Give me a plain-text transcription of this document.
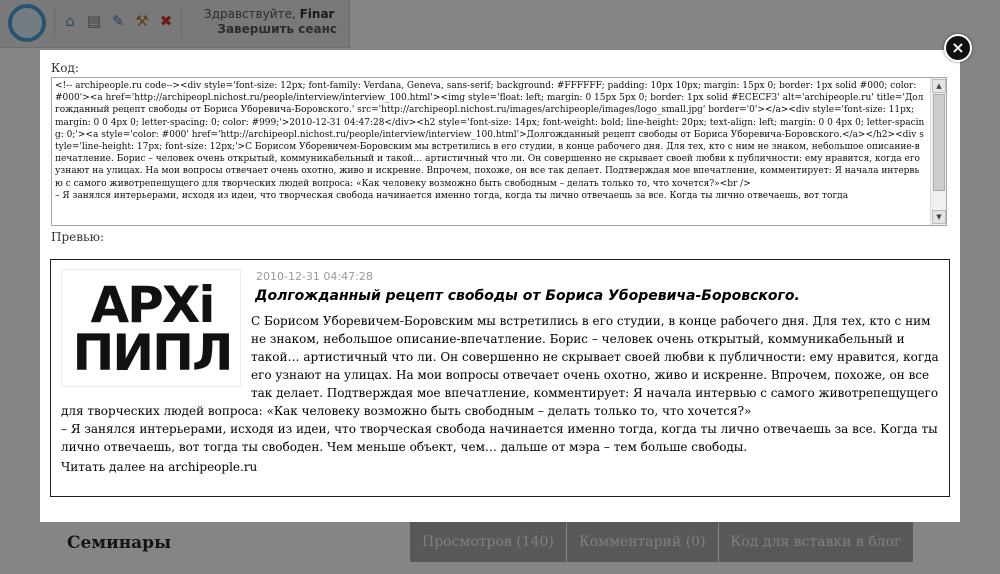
⌂ ▤ ✎ ⚒ ✖	Здравствуйте, Finar
Завершить сеанс
Семинары	Просмотров (140)	Комментарий (0)	Код для вставки в блог
Код:
<!-- archipeople.ru code--><div style='font-size: 12px; font-family: Verdana, Geneva, sans-serif; background: #FFFFFF; padding: 10px 10px; margin: 15px 0; border: 1px solid #000; color: #000'><a href='http://archipeopl.nichost.ru/people/interview/interview_100.html'><img style='float: left; margin: 0 15px 5px 0; border: 1px solid #ECECF3' alt='archipeople.ru' title='Долгожданный рецепт свободы от Бориса Уборевича-Боровского.' src='http://archipeopl.nichost.ru/images/archipeople/images/logo_small.jpg' border='0'></a><div style='font-size: 11px; margin: 0 0 4px 0; letter-spacing: 0; color: #999;'>2010-12-31 04:47:28</div><h2 style='font-size: 14px; font-weight: bold; line-height: 20px; text-align: left; margin: 0 0 4px 0; letter-spacing: 0;'><a style='color: #000' href='http://archipeopl.nichost.ru/people/interview/interview_100.html'>Долгожданный рецепт свободы от Бориса Уборевича-Боровского.</a></h2><div style='line-height: 17px; font-size: 12px;'>С Борисом Уборевичем-Боровским мы встретились в его студии, в конце рабочего дня. Для тех, кто с ним не знаком, небольшое описание-впечатление. Борис – человек очень открытый, коммуникабельный и такой… артистичный что ли. Он совершенно не скрывает своей любви к публичности: ему нравится, когда его узнают на улицах. На мои вопросы отвечает очень охотно, живо и искренне. Впрочем, похоже, он все так делает. Подтверждая мое впечатление, комментирует: Я начала интервью с самого животрепещущего для творческих людей вопроса: «Как человеку возможно быть свободным – делать только то, что хочется?»<br />
– Я занялся интерьерами, исходя из идеи, что творческая свобода начинается именно тогда, когда ты лично отвечаешь за все. Когда ты лично отвечаешь, вот тогда
▲
▼
Превью:
АРХі
ПИПЛ
2010-12-31 04:47:28
Долгожданный рецепт свободы от Бориса Уборевича-Боровского.

С Борисом Уборевичем-Боровским мы встретились в его студии, в конце рабочего дня. Для тех, кто с ним не знаком, небольшое описание-впечатление. Борис – человек очень открытый, коммуникабельный и такой… артистичный что ли. Он совершенно не скрывает своей любви к публичности: ему нравится, когда его узнают на улицах. На мои вопросы отвечает очень охотно, живо и искренне. Впрочем, похоже, он все так делает. Подтверждая мое впечатление, комментирует: Я начала интервью с самого животрепещущего для творческих людей вопроса: «Как человеку возможно быть свободным – делать только то, что хочется?»

– Я занялся интерьерами, исходя из идеи, что творческая свобода начинается именно тогда, когда ты лично отвечаешь за все. Когда ты лично отвечаешь, вот тогда ты свободен. Чем меньше объект, чем… дальше от мэра – тем больше свободы.

Читать далее на archipeople.ru
×
